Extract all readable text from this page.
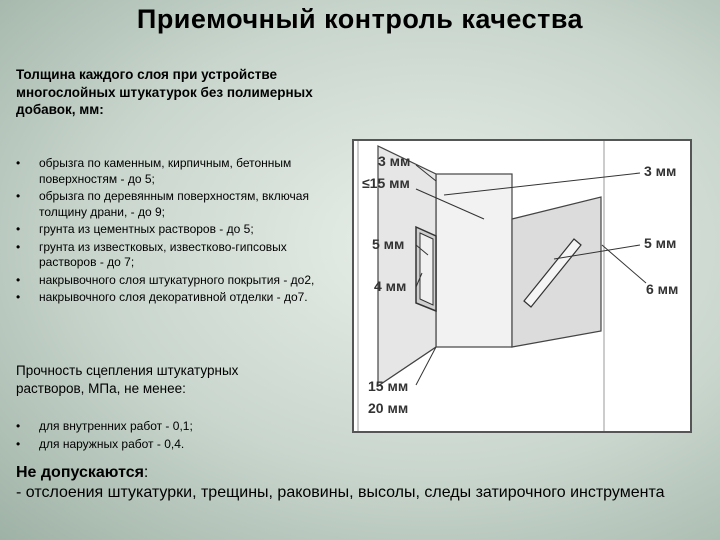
Приемочный контроль качества
Толщина каждого слоя при устройстве многослойных штукатурок без полимерных добавок, мм:
• обрызга по каменным, кирпичным, бетонным поверхностям - до 5;
• обрызга по деревянным поверхностям, включая толщину драни, - до 9;
• грунта из цементных растворов - до 5;
• грунта из известковых, известково-гипсовых растворов - до 7;
• накрывочного слоя штукатурного покрытия - до2,
• накрывочного слоя декоративной отделки - до7.
Прочность сцепления штукатурных растворов, МПа, не менее:
• для внутренних работ - 0,1;
• для наружных работ - 0,4.
Не допускаются:
- отслоения штукатурки, трещины, раковины, высолы, следы затирочного инструмента
3 мм
≤15 мм
5 мм
4 мм
15 мм
20 мм
3 мм
5 мм
6 мм
